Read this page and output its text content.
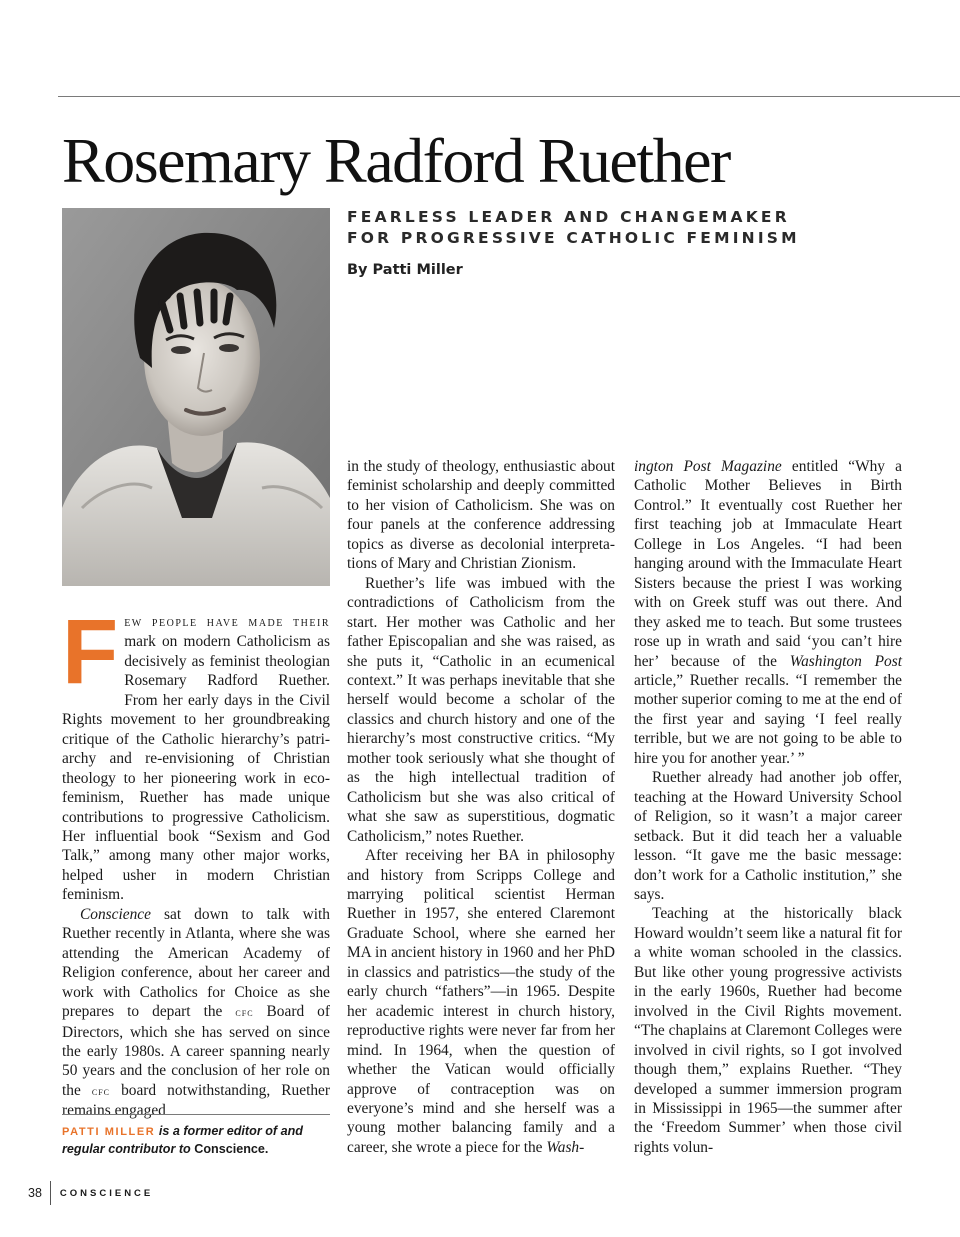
Rosemary Radford Ruether
FEARLESS LEADER AND CHANGEMAKER
FOR PROGRESSIVE CATHOLIC FEMINISM
By Patti Miller

Few people have made their mark on modern Catholicism as decisively as feminist theologian Rosemary Radford Ruether. From her early days in the Civil Rights movement to her groundbreaking critique of the Catholic hierarchy’s patriarchy and re-envisioning of Christian theology to her pioneering work in ecofeminism, Ruether has made unique contributions to progressive Catholicism. Her influential book “Sexism and God Talk,” among many other major works, helped usher in modern Christian feminism.

Conscience sat down to talk with Ruether recently in Atlanta, where she was attending the American Academy of Religion conference, about her career and work with Catholics for Choice as she prepares to depart the cfc Board of Directors, which she has served on since the early 1980s. A career spanning nearly 50 years and the conclusion of her role on the cfc board notwithstanding, Ruether remains engaged

in the study of theology, enthusiastic about feminist scholarship and deeply committed to her vision of Catholicism. She was on four panels at the conference addressing topics as diverse as decolonial interpretations of Mary and Christian Zionism.

Ruether’s life was imbued with the contradictions of Catholicism from the start. Her mother was Catholic and her father Episcopalian and she was raised, as she puts it, “Catholic in an ecumenical context.” It was perhaps inevitable that she herself would become a scholar of the classics and church history and one of the hierarchy’s most constructive critics. “My mother took seriously what she thought of as the high intellectual tradition of Catholicism but she was also critical of what she saw as superstitious, dogmatic Catholicism,” notes Ruether.

After receiving her BA in philosophy and history from Scripps College and marrying political scientist Herman Ruether in 1957, she entered Claremont Graduate School, where she earned her MA in ancient history in 1960 and her PhD in classics and patristics—the study of the early church “fathers”—in 1965. Despite her academic interest in church history, reproductive rights were never far from her mind. In 1964, when the question of whether the Vatican would officially approve of contraception was on everyone’s mind and she herself was a young mother balancing family and a career, she wrote a piece for the Wash-

ington Post Magazine entitled “Why a Catholic Mother Believes in Birth Control.” It eventually cost Ruether her first teaching job at Immaculate Heart College in Los Angeles. “I had been hanging around with the Immaculate Heart Sisters because the priest I was working with on Greek stuff was out there. And they asked me to teach. But some trustees rose up in wrath and said ‘you can’t hire her’ because of the Washington Post article,” Ruether recalls. “I remember the mother superior coming to me at the end of the first year and saying ‘I feel really terrible, but we are not going to be able to hire you for another year.’ ”

Ruether already had another job offer, teaching at the Howard University School of Religion, so it wasn’t a major career setback. But it did teach her a valuable lesson. “It gave me the basic message: don’t work for a Catholic institution,” she says.

Teaching at the historically black Howard wouldn’t seem like a natural fit for a white woman schooled in the classics. But like other young progressive activists in the early 1960s, Ruether had become involved in the Civil Rights movement. “The chaplains at Claremont Colleges were involved in civil rights, so I got involved though them,” explains Ruether. “They developed a summer immersion program in Mississippi in 1965—the summer after the ‘Freedom Summer’ when those civil rights volun-

PATTI MILLER is a former editor of and regular contributor to Conscience.
38	CONSCIENCE
